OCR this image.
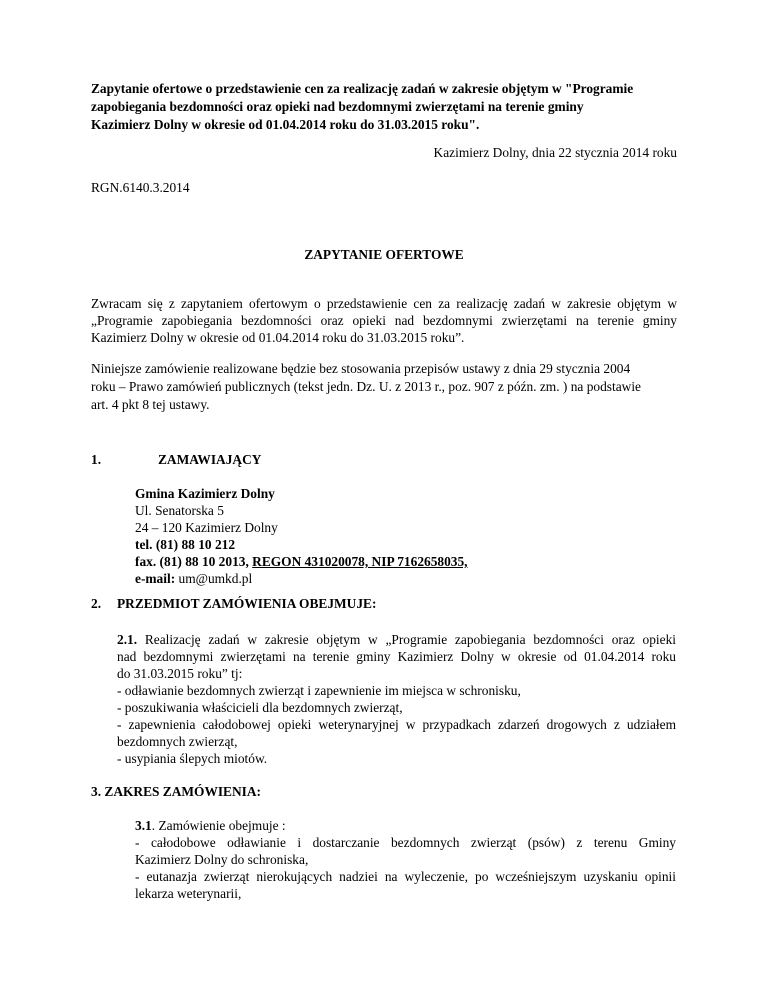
Zapytanie ofertowe o przedstawienie cen za realizację zadań w zakresie objętym w "Programie
zapobiegania bezdomności oraz opieki nad bezdomnymi zwierzętami na terenie gminy
Kazimierz Dolny w okresie od 01.04.2014 roku do 31.03.2015 roku".
Kazimierz Dolny, dnia 22 stycznia 2014 roku
RGN.6140.3.2014
ZAPYTANIE OFERTOWE
Zwracam się z zapytaniem ofertowym o przedstawienie cen za realizację zadań w zakresie objętym w
„Programie zapobiegania bezdomności oraz opieki nad bezdomnymi zwierzętami na terenie gminy
Kazimierz Dolny w okresie od 01.04.2014 roku do 31.03.2015 roku”.
Niniejsze zamówienie realizowane będzie bez stosowania przepisów ustawy z dnia 29 stycznia 2004
roku – Prawo zamówień publicznych (tekst jedn. Dz. U. z 2013 r., poz. 907 z późn. zm. ) na podstawie
art. 4 pkt 8 tej ustawy.
1.	ZAMAWIAJĄCY
Gmina Kazimierz Dolny
Ul. Senatorska 5
24 – 120 Kazimierz Dolny
tel. (81) 88 10 212
fax. (81) 88 10 2013, REGON 431020078, NIP 7162658035,
e-mail: um@umkd.pl
2. PRZEDMIOT ZAMÓWIENIA OBEJMUJE:
2.1. Realizację zadań w zakresie objętym w „Programie zapobiegania bezdomności oraz opieki
nad bezdomnymi zwierzętami na terenie gminy Kazimierz Dolny w okresie od 01.04.2014 roku
do 31.03.2015 roku” tj:
- odławianie bezdomnych zwierząt i zapewnienie im miejsca w schronisku,
- poszukiwania właścicieli dla bezdomnych zwierząt,
- zapewnienia całodobowej opieki weterynaryjnej w przypadkach zdarzeń drogowych z udziałem
bezdomnych zwierząt,
- usypiania ślepych miotów.
3. ZAKRES ZAMÓWIENIA:
3.1. Zamówienie obejmuje :
- całodobowe odławianie i dostarczanie bezdomnych zwierząt (psów) z terenu Gminy
Kazimierz Dolny do schroniska,
- eutanazja zwierząt nierokujących nadziei na wyleczenie, po wcześniejszym uzyskaniu opinii
lekarza weterynarii,
